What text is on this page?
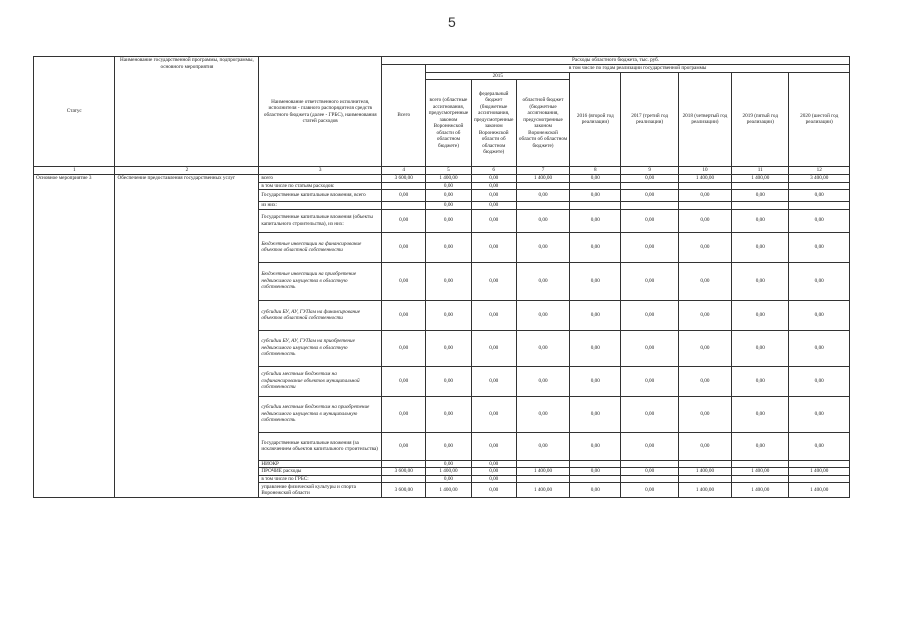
5
Статус	Наименование государственной программы, подпрограммы, основного мероприятия	Наименование ответственного исполнителя, исполнителя - главного распорядителя средств областного бюджета (далее - ГРБС), наименования статей расходов	Расходы областного бюджета, тыс. руб.								
			Всего	в том числе по годам реализации государственной программы							
				2015			2016 (второй год реализации)	2017 (третий год реализации)	2018 (четвертый год реализации)	2019 (пятый год реализации)	2020 (шестой год реализации)
				всего (областные ассигнования, предусмотренные законом Воронежской области об областном бюджете)	федеральный бюджет (бюджетные ассигнования, предусмотренные законом Воронежской области об областном бюджете)	областной бюджет (бюджетные ассигнования, предусмотренные законом Воронежской области об областном бюджете)					
1	2	3	4	5	6	7	8	9	10	11	12
Основное мероприятие 3	Обеспечение предоставления государственных услуг	всего	3 600,00	1 400,00	0,00	1 400,00	0,00	0,00	1 400,00	1 400,00	3 400,00
		в том числе по статьям расходов:		0,00	0,00						
		Государственные капитальные вложения, всего	0,00	0,00	0,00	0,00	0,00	0,00	0,00	0,00	0,00
		из них:		0,00	0,00						
		Государственные капитальные вложения (объекты капитального строительства), из них:	0,00	0,00	0,00	0,00	0,00	0,00	0,00	0,00	0,00
		Бюджетные инвестиции на финансирование объектов областной собственности	0,00	0,00	0,00	0,00	0,00	0,00	0,00	0,00	0,00
		Бюджетные инвестиции на приобретение недвижимого имущества в областную собственность	0,00	0,00	0,00	0,00	0,00	0,00	0,00	0,00	0,00
		субсидии БУ, АУ, ГУПам на финансирование объектов областной собственности	0,00	0,00	0,00	0,00	0,00	0,00	0,00	0,00	0,00
		субсидии БУ, АУ, ГУПам на приобретение недвижимого имущества в областную собственность	0,00	0,00	0,00	0,00	0,00	0,00	0,00	0,00	0,00
		субсидии местным бюджетам на софинансирование объектов муниципальной собственности	0,00	0,00	0,00	0,00	0,00	0,00	0,00	0,00	0,00
		субсидии местным бюджетам на приобретение недвижимого имущества в муниципальную собственность	0,00	0,00	0,00	0,00	0,00	0,00	0,00	0,00	0,00
		Государственные капитальные вложения (за исключением объектов капитального строительства)	0,00	0,00	0,00	0,00	0,00	0,00	0,00	0,00	0,00
		НИОКР		0,00	0,00						
		ПРОЧИЕ расходы	3 600,00	1 400,00	0,00	1 400,00	0,00	0,00	1 400,00	1 400,00	1 400,00
		в том числе по ГРБС:		0,00	0,00						
		управление физической культуры и спорта Воронежской области	3 600,00	1 400,00	0,00	1 400,00	0,00	0,00	1 400,00	1 400,00	1 400,00
